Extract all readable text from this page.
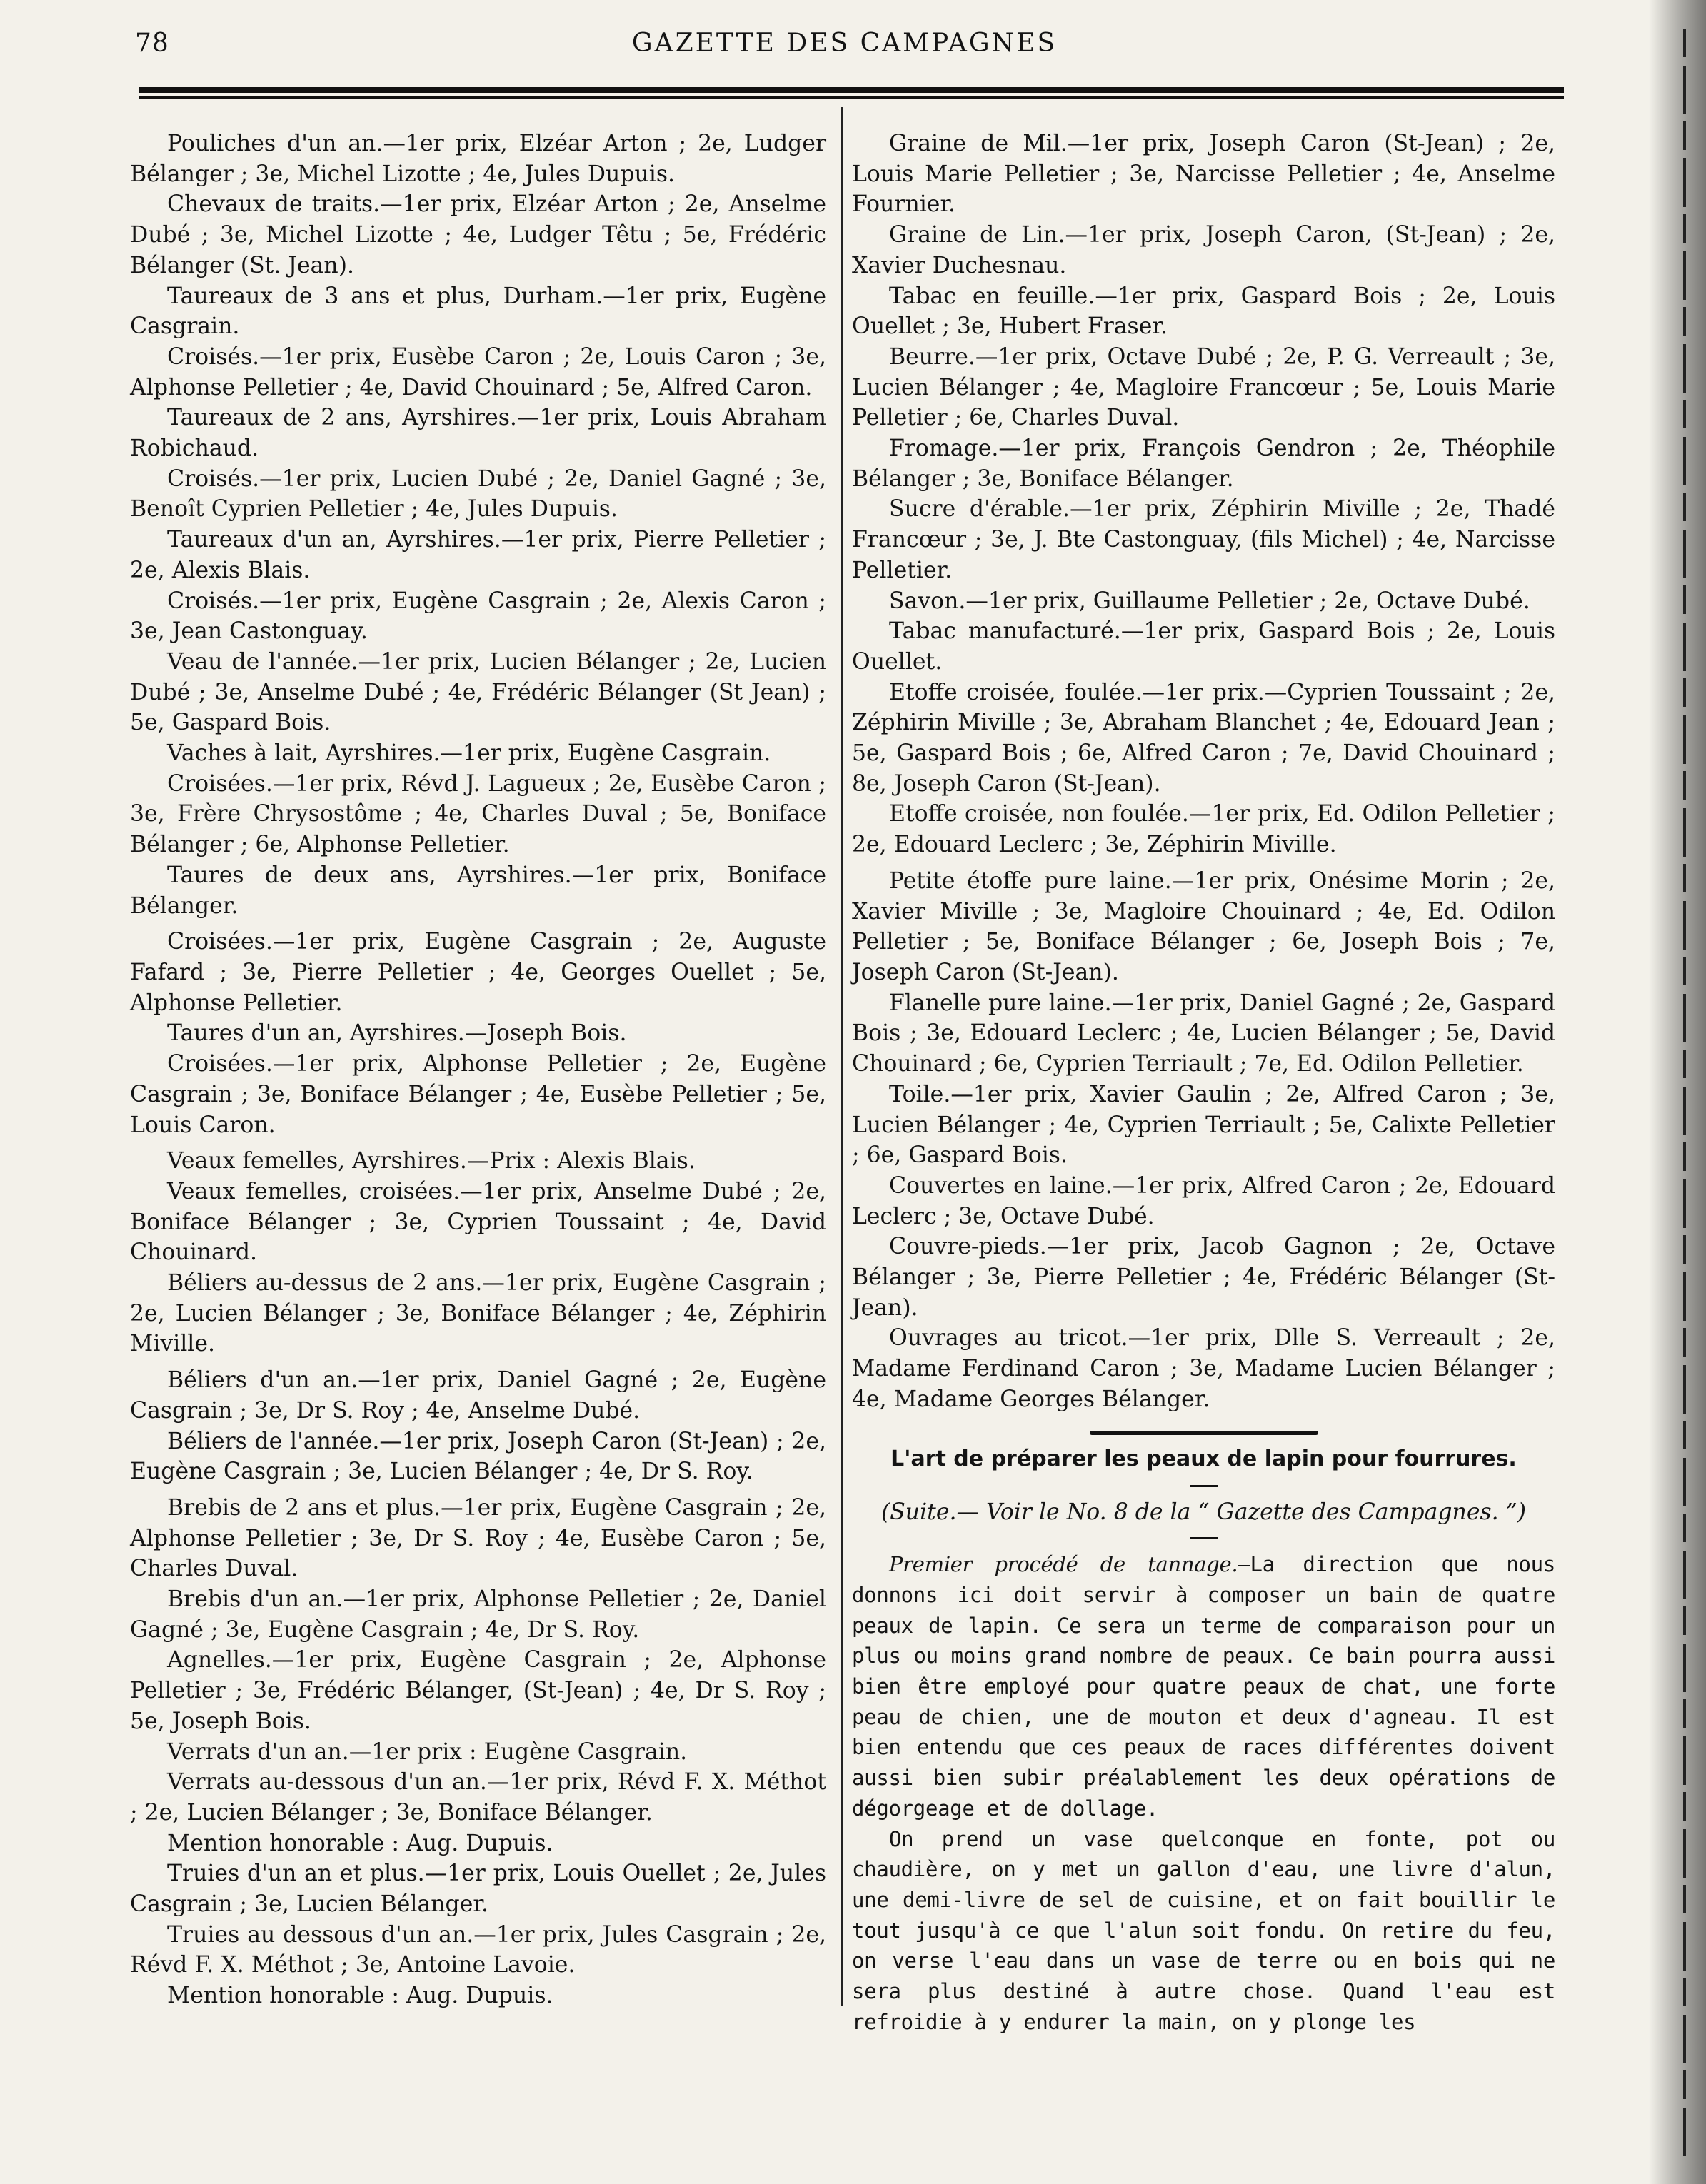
78	GAZETTE DES CAMPAGNES

Pouliches d'un an.—1er prix, Elzéar Arton ; 2e, Ludger Bélanger ; 3e, Michel Lizotte ; 4e, Jules Dupuis.

Chevaux de traits.—1er prix, Elzéar Arton ; 2e, Anselme Dubé ; 3e, Michel Lizotte ; 4e, Ludger Têtu ; 5e, Frédéric Bélanger (St. Jean).

Taureaux de 3 ans et plus, Durham.—1er prix, Eugène Casgrain.

Croisés.—1er prix, Eusèbe Caron ; 2e, Louis Caron ; 3e, Alphonse Pelletier ; 4e, David Chouinard ; 5e, Alfred Caron.

Taureaux de 2 ans, Ayrshires.—1er prix, Louis Abraham Robichaud.

Croisés.—1er prix, Lucien Dubé ; 2e, Daniel Gagné ; 3e, Benoît Cyprien Pelletier ; 4e, Jules Dupuis.

Taureaux d'un an, Ayrshires.—1er prix, Pierre Pelletier ; 2e, Alexis Blais.

Croisés.—1er prix, Eugène Casgrain ; 2e, Alexis Caron ; 3e, Jean Castonguay.

Veau de l'année.—1er prix, Lucien Bélanger ; 2e, Lucien Dubé ; 3e, Anselme Dubé ; 4e, Frédéric Bélanger (St Jean) ; 5e, Gaspard Bois.

Vaches à lait, Ayrshires.—1er prix, Eugène Casgrain.

Croisées.—1er prix, Révd J. Lagueux ; 2e, Eusèbe Caron ; 3e, Frère Chrysostôme ; 4e, Charles Duval ; 5e, Boniface Bélanger ; 6e, Alphonse Pelletier.

Taures de deux ans, Ayrshires.—1er prix, Boniface Bélanger.

Croisées.—1er prix, Eugène Casgrain ; 2e, Auguste Fafard ; 3e, Pierre Pelletier ; 4e, Georges Ouellet ; 5e, Alphonse Pelletier.

Taures d'un an, Ayrshires.—Joseph Bois.

Croisées.—1er prix, Alphonse Pelletier ; 2e, Eugène Casgrain ; 3e, Boniface Bélanger ; 4e, Eusèbe Pelletier ; 5e, Louis Caron.

Veaux femelles, Ayrshires.—Prix : Alexis Blais.

Veaux femelles, croisées.—1er prix, Anselme Dubé ; 2e, Boniface Bélanger ; 3e, Cyprien Toussaint ; 4e, David Chouinard.

Béliers au-dessus de 2 ans.—1er prix, Eugène Casgrain ; 2e, Lucien Bélanger ; 3e, Boniface Bélanger ; 4e, Zéphirin Miville.

Béliers d'un an.—1er prix, Daniel Gagné ; 2e, Eugène Casgrain ; 3e, Dr S. Roy ; 4e, Anselme Dubé.

Béliers de l'année.—1er prix, Joseph Caron (St-Jean) ; 2e, Eugène Casgrain ; 3e, Lucien Bélanger ; 4e, Dr S. Roy.

Brebis de 2 ans et plus.—1er prix, Eugène Casgrain ; 2e, Alphonse Pelletier ; 3e, Dr S. Roy ; 4e, Eusèbe Caron ; 5e, Charles Duval.

Brebis d'un an.—1er prix, Alphonse Pelletier ; 2e, Daniel Gagné ; 3e, Eugène Casgrain ; 4e, Dr S. Roy.

Agnelles.—1er prix, Eugène Casgrain ; 2e, Alphonse Pelletier ; 3e, Frédéric Bélanger, (St-Jean) ; 4e, Dr S. Roy ; 5e, Joseph Bois.

Verrats d'un an.—1er prix : Eugène Casgrain.

Verrats au-dessous d'un an.—1er prix, Révd F. X. Méthot ; 2e, Lucien Bélanger ; 3e, Boniface Bélanger.

Mention honorable : Aug. Dupuis.

Truies d'un an et plus.—1er prix, Louis Ouellet ; 2e, Jules Casgrain ; 3e, Lucien Bélanger.

Truies au dessous d'un an.—1er prix, Jules Casgrain ; 2e, Révd F. X. Méthot ; 3e, Antoine Lavoie.

Mention honorable : Aug. Dupuis.

Graine de Mil.—1er prix, Joseph Caron (St-Jean) ; 2e, Louis Marie Pelletier ; 3e, Narcisse Pelletier ; 4e, Anselme Fournier.

Graine de Lin.—1er prix, Joseph Caron, (St-Jean) ; 2e, Xavier Duchesnau.

Tabac en feuille.—1er prix, Gaspard Bois ; 2e, Louis Ouellet ; 3e, Hubert Fraser.

Beurre.—1er prix, Octave Dubé ; 2e, P. G. Verreault ; 3e, Lucien Bélanger ; 4e, Magloire Francœur ; 5e, Louis Marie Pelletier ; 6e, Charles Duval.

Fromage.—1er prix, François Gendron ; 2e, Théophile Bélanger ; 3e, Boniface Bélanger.

Sucre d'érable.—1er prix, Zéphirin Miville ; 2e, Thadé Francœur ; 3e, J. Bte Castonguay, (fils Michel) ; 4e, Narcisse Pelletier.

Savon.—1er prix, Guillaume Pelletier ; 2e, Octave Dubé.

Tabac manufacturé.—1er prix, Gaspard Bois ; 2e, Louis Ouellet.

Etoffe croisée, foulée.—1er prix.—Cyprien Toussaint ; 2e, Zéphirin Miville ; 3e, Abraham Blanchet ; 4e, Edouard Jean ; 5e, Gaspard Bois ; 6e, Alfred Caron ; 7e, David Chouinard ; 8e, Joseph Caron (St-Jean).

Etoffe croisée, non foulée.—1er prix, Ed. Odilon Pelletier ; 2e, Edouard Leclerc ; 3e, Zéphirin Miville.

Petite étoffe pure laine.—1er prix, Onésime Morin ; 2e, Xavier Miville ; 3e, Magloire Chouinard ; 4e, Ed. Odilon Pelletier ; 5e, Boniface Bélanger ; 6e, Joseph Bois ; 7e, Joseph Caron (St-Jean).

Flanelle pure laine.—1er prix, Daniel Gagné ; 2e, Gaspard Bois ; 3e, Edouard Leclerc ; 4e, Lucien Bélanger ; 5e, David Chouinard ; 6e, Cyprien Terriault ; 7e, Ed. Odilon Pelletier.

Toile.—1er prix, Xavier Gaulin ; 2e, Alfred Caron ; 3e, Lucien Bélanger ; 4e, Cyprien Terriault ; 5e, Calixte Pelletier ; 6e, Gaspard Bois.

Couvertes en laine.—1er prix, Alfred Caron ; 2e, Edouard Leclerc ; 3e, Octave Dubé.

Couvre-pieds.—1er prix, Jacob Gagnon ; 2e, Octave Bélanger ; 3e, Pierre Pelletier ; 4e, Frédéric Bélanger (St-Jean).

Ouvrages au tricot.—1er prix, Dlle S. Verreault ; 2e, Madame Ferdinand Caron ; 3e, Madame Lucien Bélanger ; 4e, Madame Georges Bélanger.

L'art de préparer les peaux de lapin pour fourrures.

(Suite.— Voir le No. 8 de la “ Gazette des Campagnes. ”)

Premier procédé de tannage.—La direction que nous donnons ici doit servir à composer un bain de quatre peaux de lapin. Ce sera un terme de comparaison pour un plus ou moins grand nombre de peaux. Ce bain pourra aussi bien être employé pour quatre peaux de chat, une forte peau de chien, une de mouton et deux d'agneau. Il est bien entendu que ces peaux de races différentes doivent aussi bien subir préalablement les deux opérations de dégorgeage et de dollage.

On prend un vase quelconque en fonte, pot ou chaudière, on y met un gallon d'eau, une livre d'alun, une demi-livre de sel de cuisine, et on fait bouillir le tout jusqu'à ce que l'alun soit fondu. On retire du feu, on verse l'eau dans un vase de terre ou en bois qui ne sera plus destiné à autre chose. Quand l'eau est refroidie à y endurer la main, on y plonge les
